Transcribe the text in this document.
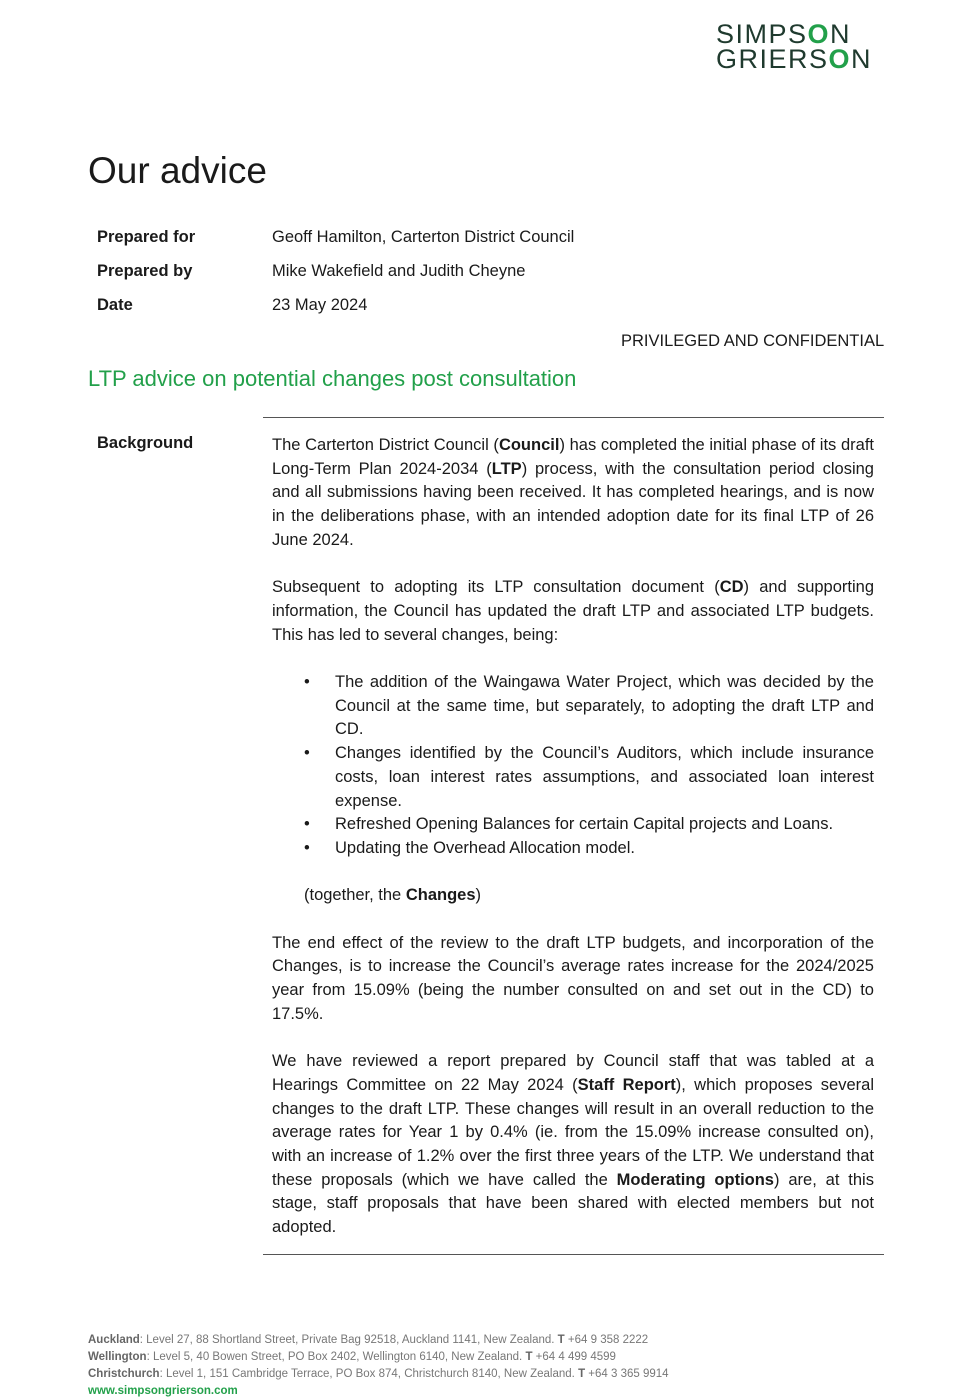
SIMPSON
GRIERSON
Our advice
Prepared for	Geoff Hamilton, Carterton District Council
Prepared by	Mike Wakefield and Judith Cheyne
Date	23 May 2024
PRIVILEGED AND CONFIDENTIAL
LTP advice on potential changes post consultation
Background	The Carterton District Council (Council) has completed the initial phase of its draft Long-Term Plan 2024-2034 (LTP) process, with the consultation period closing and all submissions having been received. It has completed hearings, and is now in the deliberations phase, with an intended adoption date for its final LTP of 26 June 2024.

Subsequent to adopting its LTP consultation document (CD) and supporting information, the Council has updated the draft LTP and associated LTP budgets. This has led to several changes, being:

• The addition of the Waingawa Water Project, which was decided by the Council at the same time, but separately, to adopting the draft LTP and CD.
• Changes identified by the Council’s Auditors, which include insurance costs, loan interest rates assumptions, and associated loan interest expense.
• Refreshed Opening Balances for certain Capital projects and Loans.
• Updating the Overhead Allocation model.

(together, the Changes)

The end effect of the review to the draft LTP budgets, and incorporation of the Changes, is to increase the Council’s average rates increase for the 2024/2025 year from 15.09% (being the number consulted on and set out in the CD) to 17.5%.

We have reviewed a report prepared by Council staff that was tabled at a Hearings Committee on 22 May 2024 (Staff Report), which proposes several changes to the draft LTP. These changes will result in an overall reduction to the average rates for Year 1 by 0.4% (ie. from the 15.09% increase consulted on), with an increase of 1.2% over the first three years of the LTP. We understand that these proposals (which we have called the Moderating options) are, at this stage, staff proposals that have been shared with elected members but not adopted.

Auckland: Level 27, 88 Shortland Street, Private Bag 92518, Auckland 1141, New Zealand. T +64 9 358 2222
Wellington: Level 5, 40 Bowen Street, PO Box 2402, Wellington 6140, New Zealand. T +64 4 499 4599
Christchurch: Level 1, 151 Cambridge Terrace, PO Box 874, Christchurch 8140, New Zealand. T +64 3 365 9914
www.simpsongrierson.com
